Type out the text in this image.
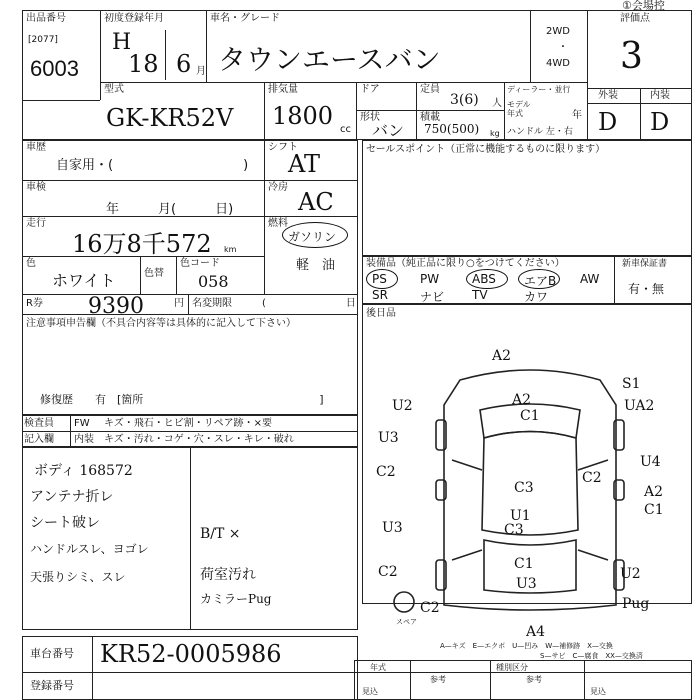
①会場控
出品番号
[2077]
6003
初度登録年月
H
18 6 月
車名・グレード
タウンエースバン
2WD
・
4WD
評価点
3
外装	内装
D D
型式
GK-KR52V
排気量
1800 cc
ドア
形状
バン
定員
3(6) 人
積載
750(500) kg
ディーラー・並行
モデル年式	年
ハンドル 左・右
車歴
自家用・(　　　　　　　　　　)
シフト
AT
車検
年　　　月(　　　日)
冷房
AC
走行
16万8千572 km
燃料
ガソリン
軽　油
色
ホワイト	色替
色コード
058
R券 9390	円 名変期限	(　　　　　　　　日
注意事項申告欄（不具合内容等は具体的に記入して下さい）
修復歴　　有　[箇所　　　　　　　　　　　　　　　　]
セールスポイント（正常に機能するものに限ります）
装備品（純正品に限り○をつけてください）	新車保証書
有・無
PS	PW	ABS エアB AW
SR	ナビ TV	カワ
後日品
A2
A2
C1
U2
S1
UA2
U3
C2
U4
C3	A2
C1
U1
C3
U3
C1
U3
C2	U2
C2
A4
Pug
C2
スペア
検査員
記入欄
FW キズ・飛石・ヒビ割・リペア跡・×要
内装 キズ・汚れ・コゲ・穴・スレ・キレ・破れ
ボディ 168572
アンテナ折レ
シート破レ
ハンドルスレ、ヨゴレ
天張りシミ、スレ
B/T ×
荷室汚れ
カミラーPug
A—キズ　E—エクボ　U—凹み　W—補修跡　X—交換
S—サビ　C—腐食　XX—交換済
車台番号 KR52-0005986
登録番号
年式	種別区分
参考	参考
見込	見込
